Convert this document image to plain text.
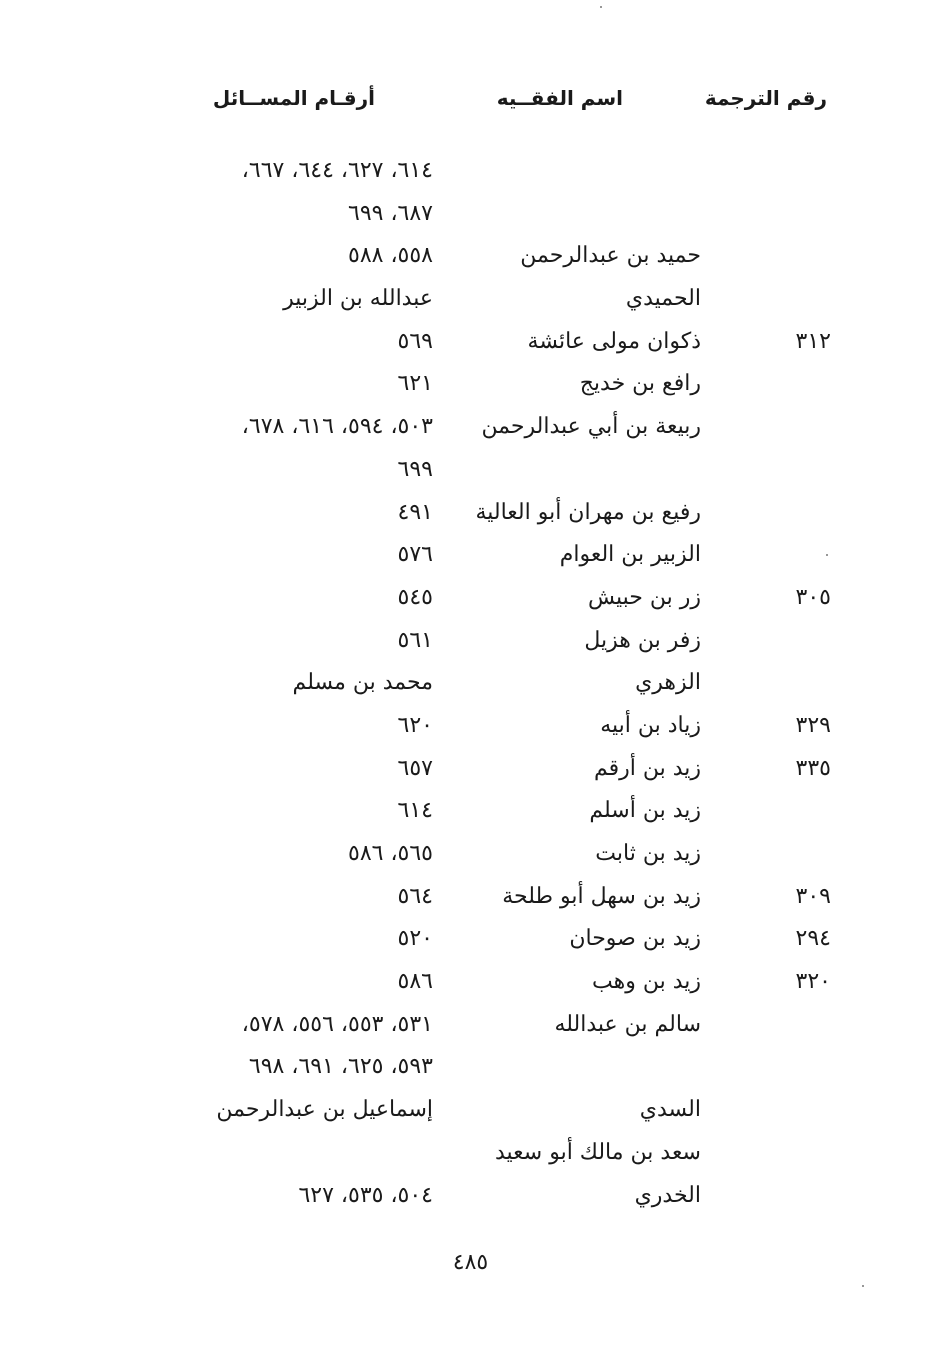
رقم الترجمة
اسم الفقــيه
أرقـام المســائل
٦١٤، ٦٢٧، ٦٤٤، ٦٦٧،
٦٨٧، ٦٩٩
حميد بن عبدالرحمن
٥٥٨، ٥٨٨
الحميدي
عبدالله بن الزبير
٣١٢
ذكوان مولى عائشة
٥٦٩
رافع بن خديج
٦٢١
ربيعة بن أبي عبدالرحمن
٥٠٣، ٥٩٤، ٦١٦، ٦٧٨،
٦٩٩
رفيع بن مهران أبو العالية
٤٩١
الزبير بن العوام
٥٧٦
٣٠٥
زر بن حبيش
٥٤٥
زفر بن هزيل
٥٦١
الزهري
محمد بن مسلم
٣٢٩
زياد بن أبيه
٦٢٠
٣٣٥
زيد بن أرقم
٦٥٧
زيد بن أسلم
٦١٤
زيد بن ثابت
٥٦٥، ٥٨٦
٣٠٩
زيد بن سهل أبو طلحة
٥٦٤
٢٩٤
زيد بن صوحان
٥٢٠
٣٢٠
زيد بن وهب
٥٨٦
سالم بن عبدالله
٥٣١، ٥٥٣، ٥٥٦، ٥٧٨،
٥٩٣، ٦٢٥، ٦٩١، ٦٩٨
السدي
إسماعيل بن عبدالرحمن
سعد بن مالك أبو سعيد
الخدري
٥٠٤، ٥٣٥، ٦٢٧
٤٨٥
